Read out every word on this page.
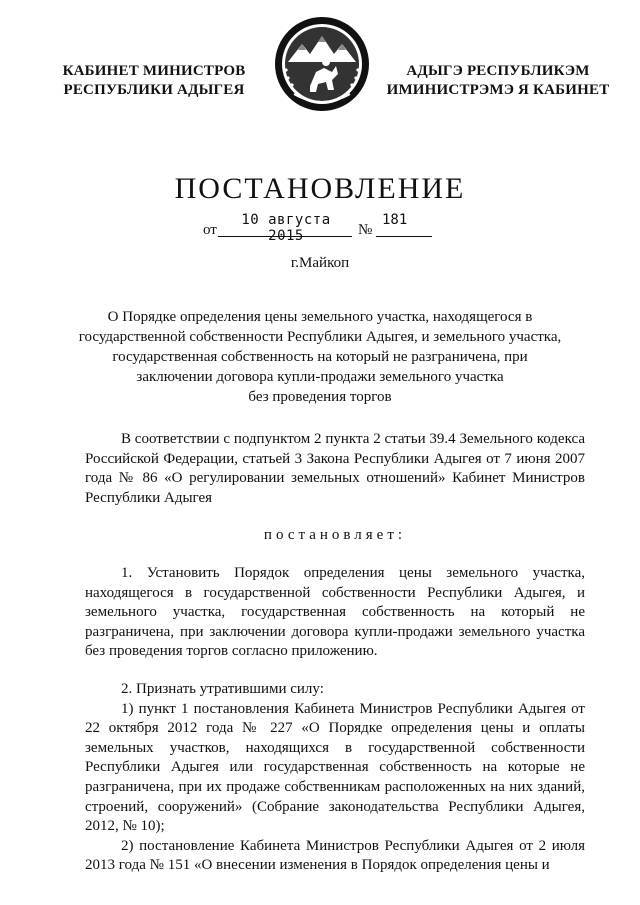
КАБИНЕТ МИНИСТРОВ
РЕСПУБЛИКИ АДЫГЕЯ
АДЫГЭ РЕСПУБЛИКЭМ
ИМИНИСТРЭМЭ Я КАБИНЕТ
ПОСТАНОВЛЕНИЕ
от
10 августа 2015	№
181
г.Майкоп
О Порядке определения цены земельного участка, находящегося в
государственной собственности Республики Адыгея, и земельного участка,
государственная собственность на который не разграничена, при
заключении договора купли-продажи земельного участка
без проведения торгов

В соответствии с подпунктом 2 пункта 2 статьи 39.4 Земельного кодекса Российской Федерации, статьей 3 Закона Республики Адыгея от 7 июня 2007 года № 86 «О регулировании земельных отношений» Кабинет Министров Республики Адыгея

постановляет:

1. Установить Порядок определения цены земельного участка, находящегося в государственной собственности Республики Адыгея, и земельного участка, государственная собственность на который не разграничена, при заключении договора купли-продажи земельного участка без проведения торгов согласно приложению.

2. Признать утратившими силу:

1) пункт 1 постановления Кабинета Министров Республики Адыгея от 22 октября 2012 года № 227 «О Порядке определения цены и оплаты земельных участков, находящихся в государственной собственности Республики Адыгея или государственная собственность на которые не разграничена, при их продаже собственникам расположенных на них зданий, строений, сооружений» (Собрание законодательства Республики Адыгея, 2012, № 10);

2) постановление Кабинета Министров Республики Адыгея от 2 июля 2013 года № 151 «О внесении изменения в Порядок определения цены и
